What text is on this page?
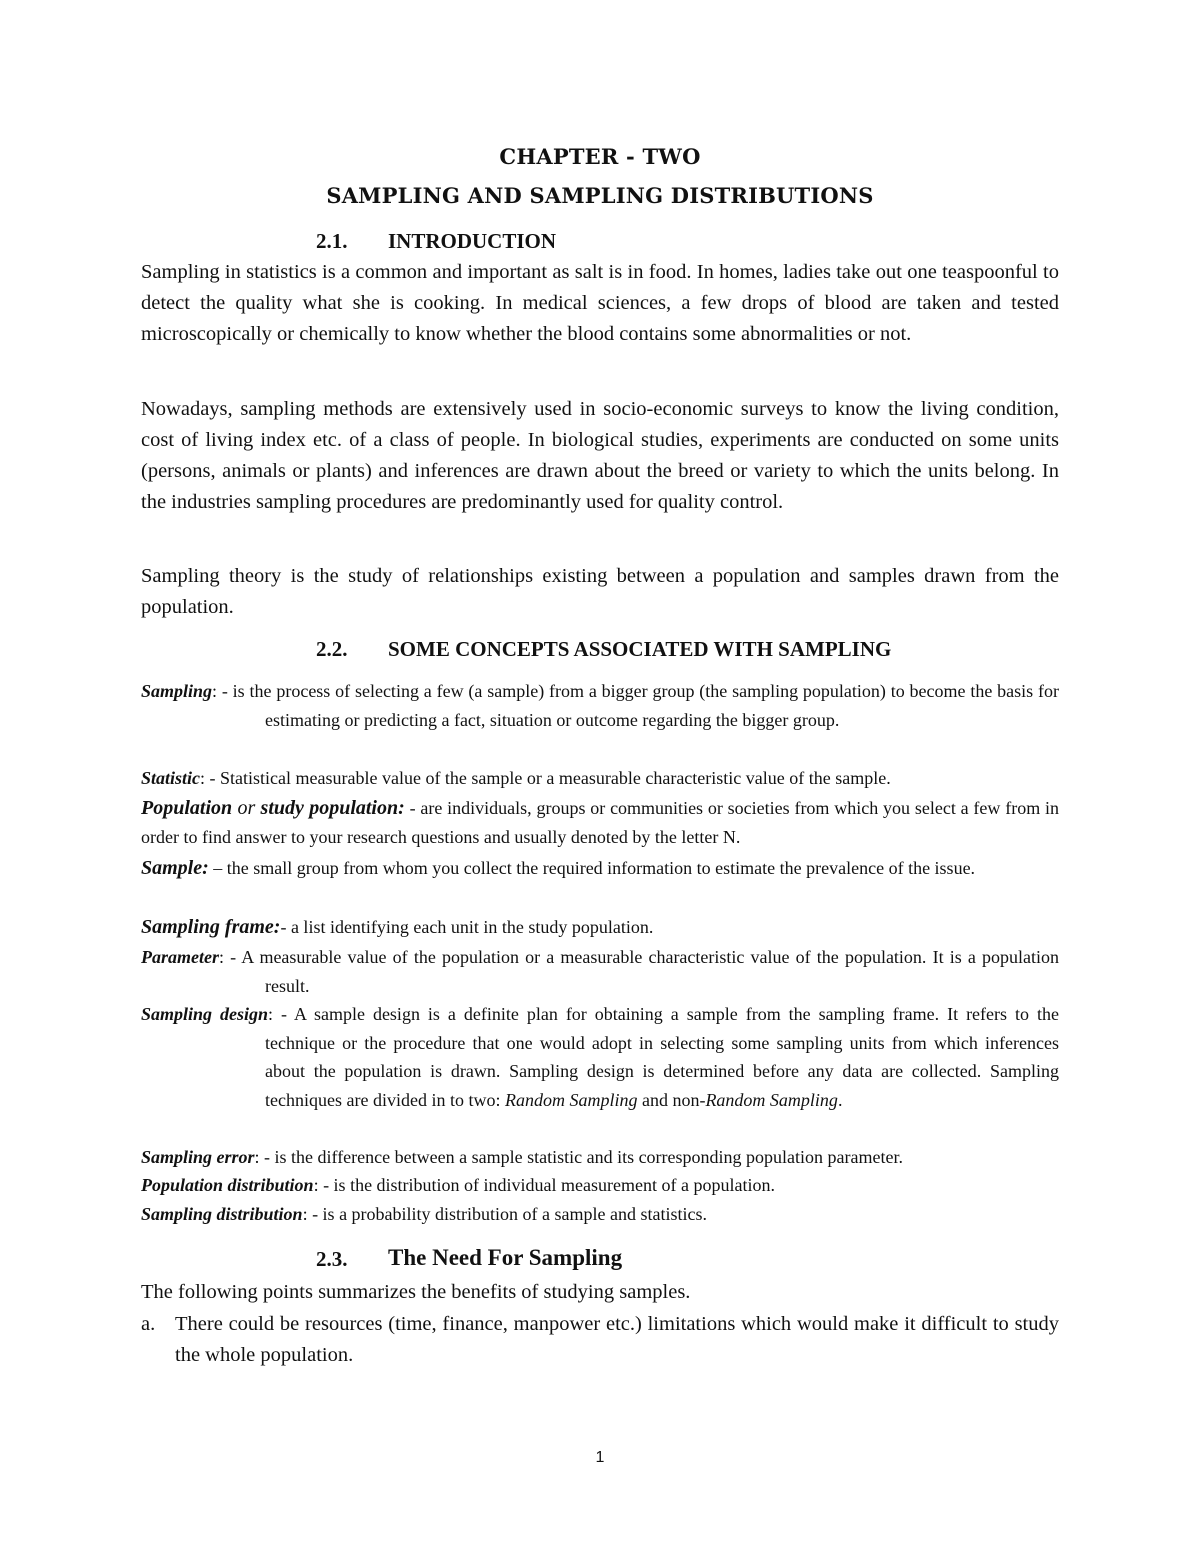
CHAPTER - TWO
SAMPLING AND SAMPLING DISTRIBUTIONS
2.1. INTRODUCTION
Sampling in statistics is a common and important as salt is in food. In homes, ladies take out one teaspoonful to detect the quality what she is cooking. In medical sciences, a few drops of blood are taken and tested microscopically or chemically to know whether the blood contains some abnormalities or not.
Nowadays, sampling methods are extensively used in socio-economic surveys to know the living condition, cost of living index etc. of a class of people. In biological studies, experiments are conducted on some units (persons, animals or plants) and inferences are drawn about the breed or variety to which the units belong. In the industries sampling procedures are predominantly used for quality control.
Sampling theory is the study of relationships existing between a population and samples drawn from the population.
2.2. SOME CONCEPTS ASSOCIATED WITH SAMPLING
Sampling: - is the process of selecting a few (a sample) from a bigger group (the sampling population) to become the basis for estimating or predicting a fact, situation or outcome regarding the bigger group.
Statistic: - Statistical measurable value of the sample or a measurable characteristic value of the sample.
Population or study population: - are individuals, groups or communities or societies from which you select a few from in order to find answer to your research questions and usually denoted by the letter N.
Sample: – the small group from whom you collect the required information to estimate the prevalence of the issue.
Sampling frame:- a list identifying each unit in the study population.
Parameter: - A measurable value of the population or a measurable characteristic value of the population. It is a population result.
Sampling design: - A sample design is a definite plan for obtaining a sample from the sampling frame. It refers to the technique or the procedure that one would adopt in selecting some sampling units from which inferences about the population is drawn. Sampling design is determined before any data are collected. Sampling techniques are divided in to two: Random Sampling and non-Random Sampling.
Sampling error: - is the difference between a sample statistic and its corresponding population parameter.
Population distribution: - is the distribution of individual measurement of a population.
Sampling distribution: - is a probability distribution of a sample and statistics.
2.3. The Need For Sampling
The following points summarizes the benefits of studying samples.
a. There could be resources (time, finance, manpower etc.) limitations which would make it difficult to study the whole population.
1
